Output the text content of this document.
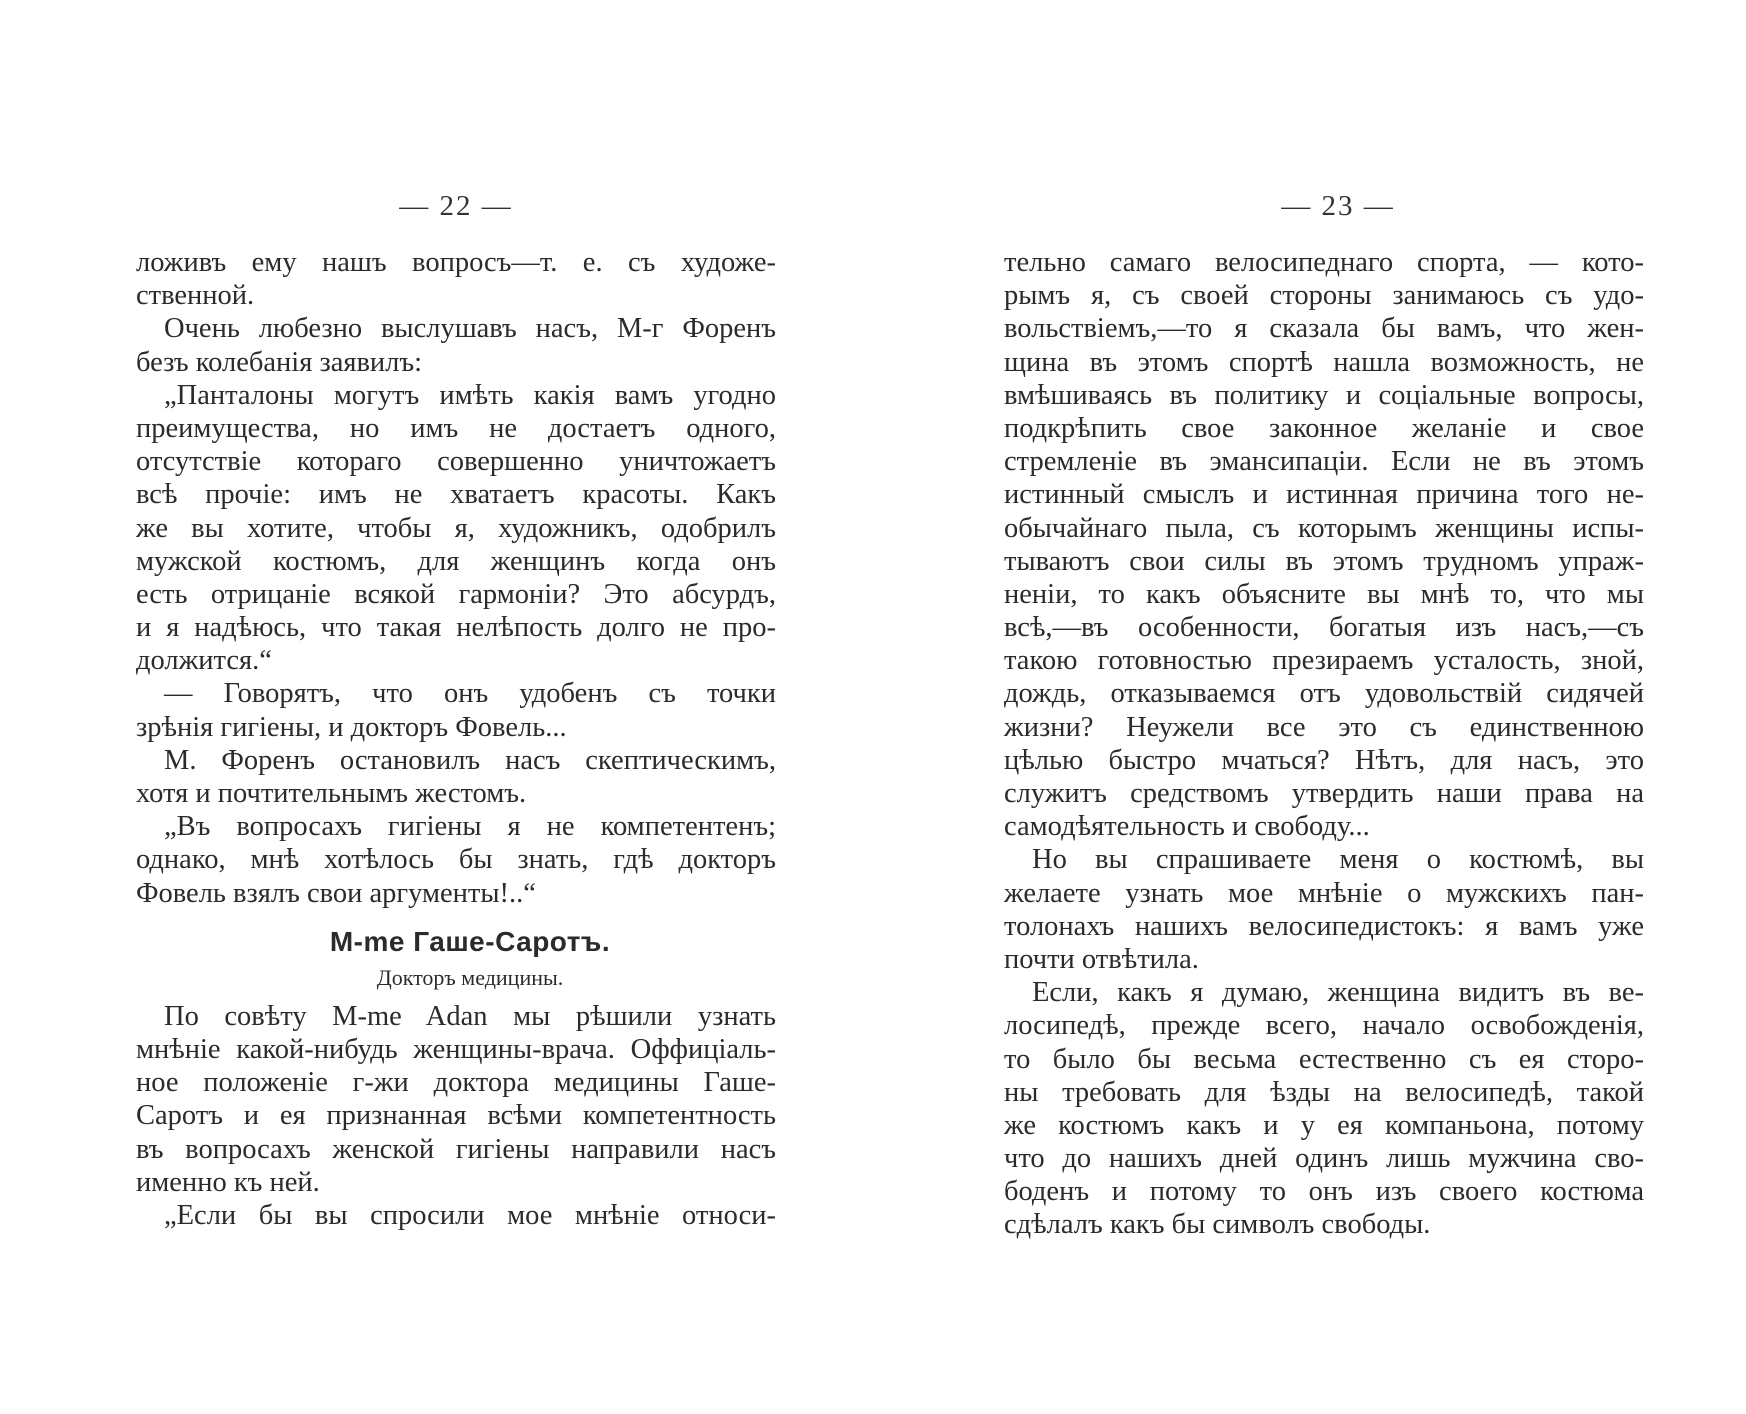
— 22 —
ложивъ ему нашъ вопросъ—т. е. съ художе-
ственной.
Очень любезно выслушавъ насъ, М-г Форенъ
безъ колебанія заявилъ:
„Панталоны могутъ имѣть какія вамъ угодно
преимущества, но имъ не достаетъ одного,
отсутствіе котораго совершенно уничтожаетъ
всѣ прочіе: имъ не хватаетъ красоты. Какъ
же вы хотите, чтобы я, художникъ, одобрилъ
мужской костюмъ, для женщинъ когда онъ
есть отрицаніе всякой гармоніи? Это абсурдъ,
и я надѣюсь, что такая нелѣпость долго не про-
должится.“
— Говорятъ, что онъ удобенъ съ точки
зрѣнія гигіены, и докторъ Фовель...
М. Форенъ остановилъ насъ скептическимъ,
хотя и почтительнымъ жестомъ.
„Въ вопросахъ гигіены я не компетентенъ;
однако, мнѣ хотѣлось бы знать, гдѣ докторъ
Фовель взялъ свои аргументы!..“
M-me Гаше-Саротъ.
Докторъ медицины.
По совѣту M-me Adan мы рѣшили узнать
мнѣніе какой-нибудь женщины-врача. Оффиціаль-
ное положеніе г-жи доктора медицины Гаше-
Саротъ и ея признанная всѣми компетентность
въ вопросахъ женской гигіены направили насъ
именно къ ней.
„Если бы вы спросили мое мнѣніе относи-
— 23 —
тельно самаго велосипеднаго спорта, — кото-
рымъ я, съ своей стороны занимаюсь съ удо-
вольствіемъ,—то я сказала бы вамъ, что жен-
щина въ этомъ спортѣ нашла возможность, не
вмѣшиваясь въ политику и соціальные вопросы,
подкрѣпить свое законное желаніе и свое
стремленіе въ эмансипаціи. Если не въ этомъ
истинный смыслъ и истинная причина того не-
обычайнаго пыла, съ которымъ женщины испы-
тываютъ свои силы въ этомъ трудномъ упраж-
неніи, то какъ объясните вы мнѣ то, что мы
всѣ,—въ особенности, богатыя изъ насъ,—съ
такою готовностью презираемъ усталость, зной,
дождь, отказываемся отъ удовольствій сидячей
жизни? Неужели все это съ единственною
цѣлью быстро мчаться? Нѣтъ, для насъ, это
служитъ средствомъ утвердить наши права на
самодѣятельность и свободу...
Но вы спрашиваете меня о костюмѣ, вы
желаете узнать мое мнѣніе о мужскихъ пан-
толонахъ нашихъ велосипедистокъ: я вамъ уже
почти отвѣтила.
Если, какъ я думаю, женщина видитъ въ ве-
лосипедѣ, прежде всего, начало освобожденія,
то было бы весьма естественно съ ея сторо-
ны требовать для ѣзды на велосипедѣ, такой
же костюмъ какъ и у ея компаньона, потому
что до нашихъ дней одинъ лишь мужчина сво-
боденъ и потому то онъ изъ своего костюма
сдѣлалъ какъ бы символъ свободы.
